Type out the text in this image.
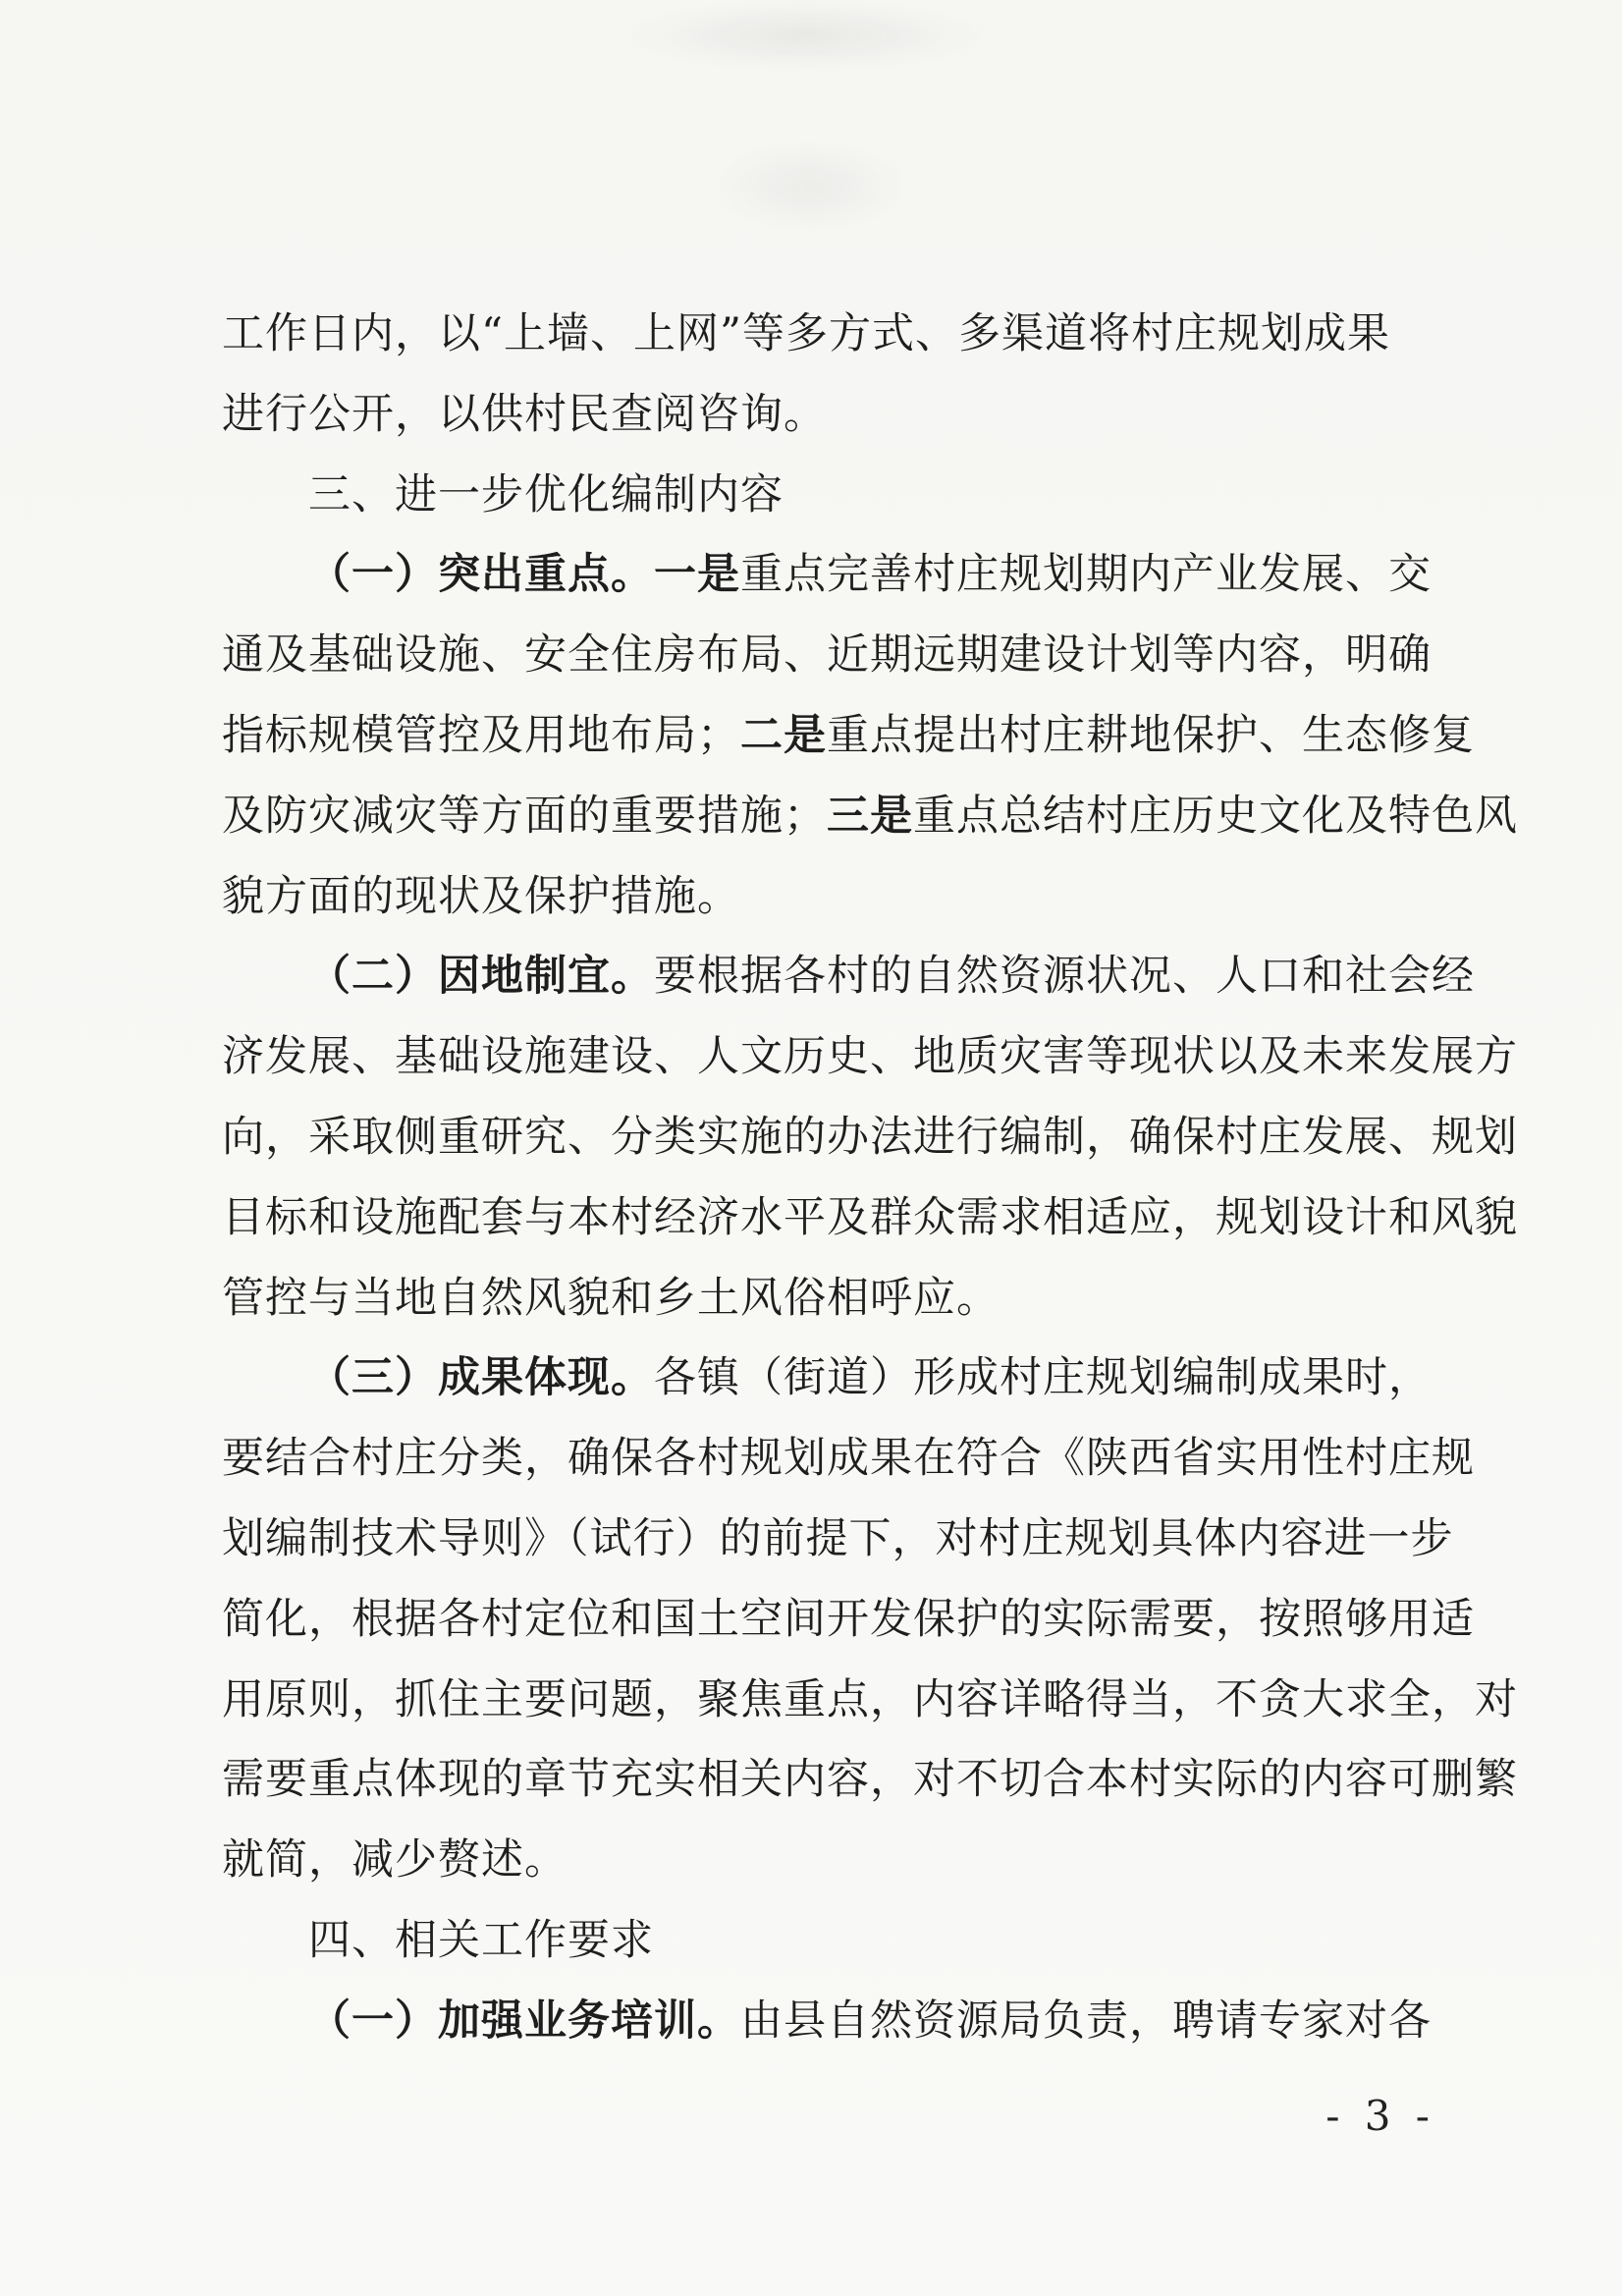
工作日内，以“上墙、上网”等多方式、多渠道将村庄规划成果
进行公开，以供村民查阅咨询。
三、进一步优化编制内容
（一）突出重点。一是重点完善村庄规划期内产业发展、交
通及基础设施、安全住房布局、近期远期建设计划等内容，明确
指标规模管控及用地布局；二是重点提出村庄耕地保护、生态修复
及防灾减灾等方面的重要措施；三是重点总结村庄历史文化及特色风
貌方面的现状及保护措施。
（二）因地制宜。要根据各村的自然资源状况、人口和社会经
济发展、基础设施建设、人文历史、地质灾害等现状以及未来发展方
向，采取侧重研究、分类实施的办法进行编制，确保村庄发展、规划
目标和设施配套与本村经济水平及群众需求相适应，规划设计和风貌
管控与当地自然风貌和乡土风俗相呼应。
（三）成果体现。各镇（街道）形成村庄规划编制成果时，
要结合村庄分类，确保各村规划成果在符合《陕西省实用性村庄规
划编制技术导则》（试行）的前提下，对村庄规划具体内容进一步
简化，根据各村定位和国土空间开发保护的实际需要，按照够用适
用原则，抓住主要问题，聚焦重点，内容详略得当，不贪大求全，对
需要重点体现的章节充实相关内容，对不切合本村实际的内容可删繁
就简，减少赘述。
四、相关工作要求
（一）加强业务培训。由县自然资源局负责，聘请专家对各
- 3 -
